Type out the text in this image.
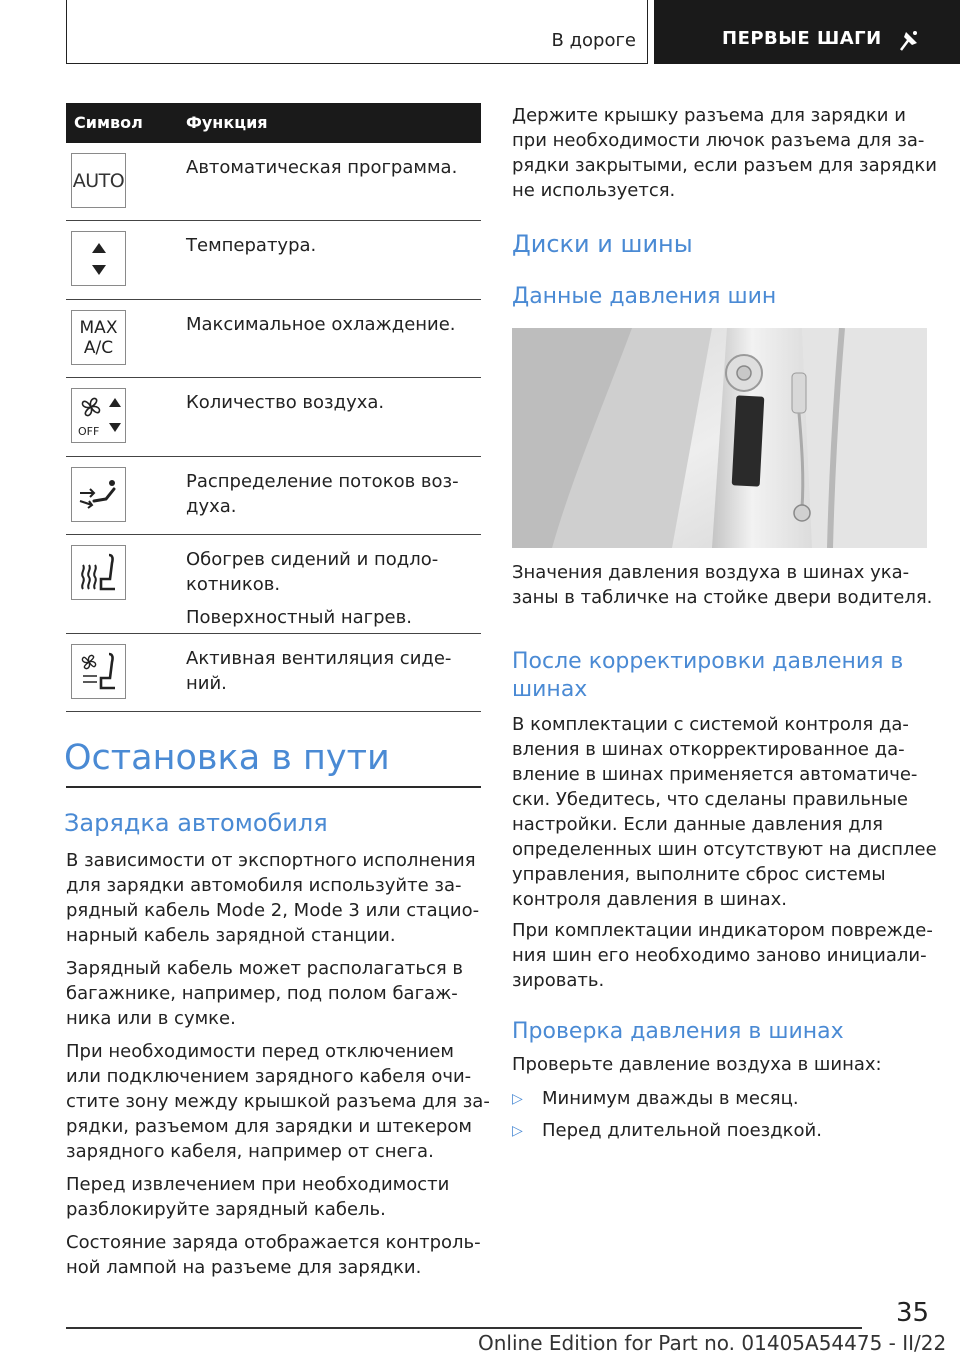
В дороге	ПЕРВЫЕ ШАГИ
Символ	Функция
AUTO

Автоматическая программа.

Температура.

MAX
A/C

Максимальное охлаждение.

OFF

Количество воздуха.

Распределение потоков воз-

духа.

Обогрев сидений и подло-

котников.

Поверхностный нагрев.

Активная вентиляция сиде-

ний.

Остановка в пути
Зарядка автомобиля
В зависимости от экспортного исполнения
для зарядки автомобиля используйте за-
рядный кабель Mode 2, Mode 3 или стацио-
нарный кабель зарядной станции.
Зарядный кабель может располагаться в
багажнике, например, под полом багаж-
ника или в сумке.
При необходимости перед отключением
или подключением зарядного кабеля очи-
стите зону между крышкой разъема для за-
рядки, разъемом для зарядки и штекером
зарядного кабеля, например от снега.
Перед извлечением при необходимости
разблокируйте зарядный кабель.
Состояние заряда отображается контроль-
ной лампой на разъеме для зарядки.
Держите крышку разъема для зарядки и
при необходимости лючок разъема для за-
рядки закрытыми, если разъем для зарядки
не используется.
Диски и шины
Данные давления шин
Значения давления воздуха в шинах ука-
заны в табличке на стойке двери водителя.
После корректировки давления в
шинах
В комплектации с системой контроля да-
вления в шинах откорректированное да-
вление в шинах применяется автоматиче-
ски. Убедитесь, что сделаны правильные
настройки. Если данные давления для
определенных шин отсутствуют на дисплее
управления, выполните сброс системы
контроля давления в шинах.
При комплектации индикатором поврежде-
ния шин его необходимо заново инициали-
зировать.
Проверка давления в шинах
Проверьте давление воздуха в шинах:
▷ Минимум дважды в месяц.
▷ Перед длительной поездкой.
35
Online Edition for Part no. 01405A54475 - II/22
